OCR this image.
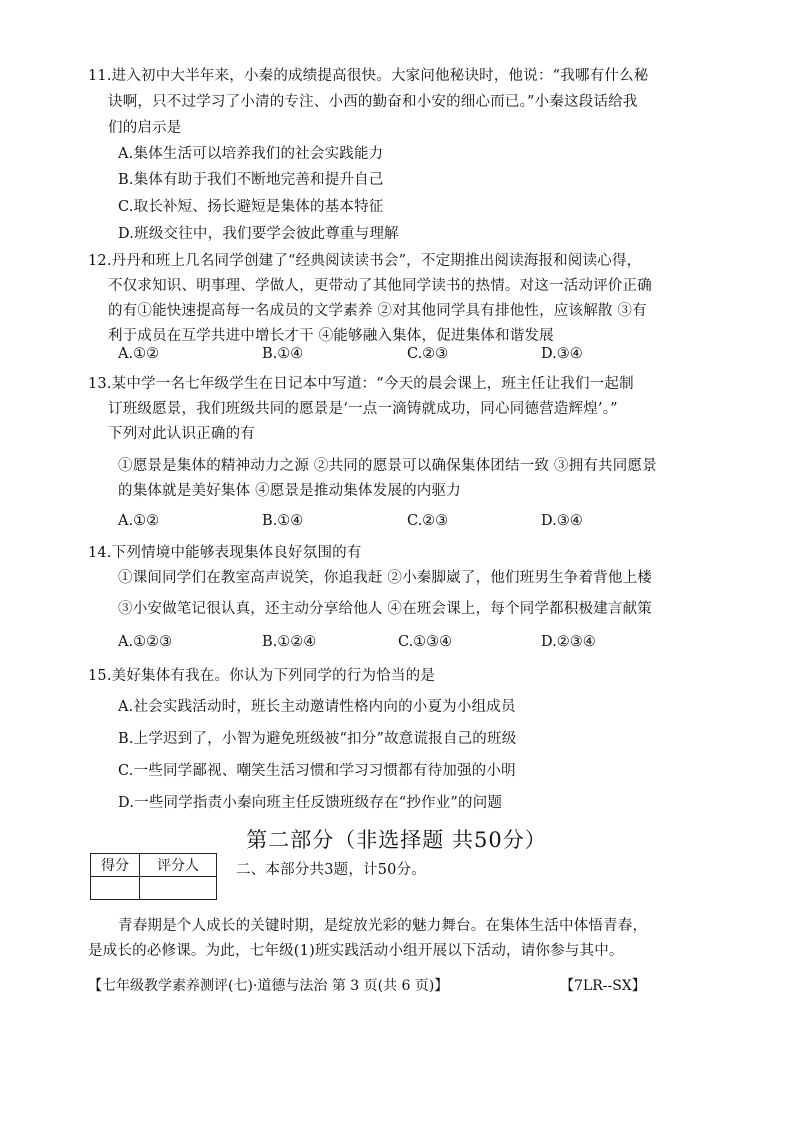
11.进入初中大半年来，小秦的成绩提高很快。大家问他秘诀时，他说：“我哪有什么秘
诀啊，只不过学习了小清的专注、小西的勤奋和小安的细心而已。”小秦这段话给我
们的启示是
A.集体生活可以培养我们的社会实践能力
B.集体有助于我们不断地完善和提升自己
C.取长补短、扬长避短是集体的基本特征
D.班级交往中，我们要学会彼此尊重与理解
12.丹丹和班上几名同学创建了“经典阅读读书会”，不定期推出阅读海报和阅读心得，
不仅求知识、明事理、学做人，更带动了其他同学读书的热情。对这一活动评价正确
的有①能快速提高每一名成员的文学素养 ②对其他同学具有排他性，应该解散 ③有
利于成员在互学共进中增长才干 ④能够融入集体，促进集体和谐发展
A.①②	B.①④	C.②③	D.③④
13.某中学一名七年级学生在日记本中写道：“今天的晨会课上，班主任让我们一起制
订班级愿景，我们班级共同的愿景是‘一点一滴铸就成功，同心同德营造辉煌’。”
下列对此认识正确的有
①愿景是集体的精神动力之源 ②共同的愿景可以确保集体团结一致 ③拥有共同愿景
的集体就是美好集体 ④愿景是推动集体发展的内驱力
A.①②	B.①④	C.②③	D.③④
14.下列情境中能够表现集体良好氛围的有
①课间同学们在教室高声说笑，你追我赶 ②小秦脚崴了，他们班男生争着背他上楼
③小安做笔记很认真，还主动分享给他人 ④在班会课上，每个同学都积极建言献策
A.①②③	B.①②④	C.①③④	D.②③④
15.美好集体有我在。你认为下列同学的行为恰当的是
A.社会实践活动时，班长主动邀请性格内向的小夏为小组成员
B.上学迟到了，小智为避免班级被“扣分”故意谎报自己的班级
C.一些同学鄙视、嘲笑生活习惯和学习习惯都有待加强的小明
D.一些同学指责小秦向班主任反馈班级存在“抄作业”的问题
第二部分（非选择题 共50分）
得分	评分人
		二、本部分共3题，计50分。
青春期是个人成长的关键时期，是绽放光彩的魅力舞台。在集体生活中体悟青春，
是成长的必修课。为此，七年级(1)班实践活动小组开展以下活动，请你参与其中。
【七年级教学素养测评(七)·道德与法治 第 3 页(共 6 页)】	【7LR--SX】
